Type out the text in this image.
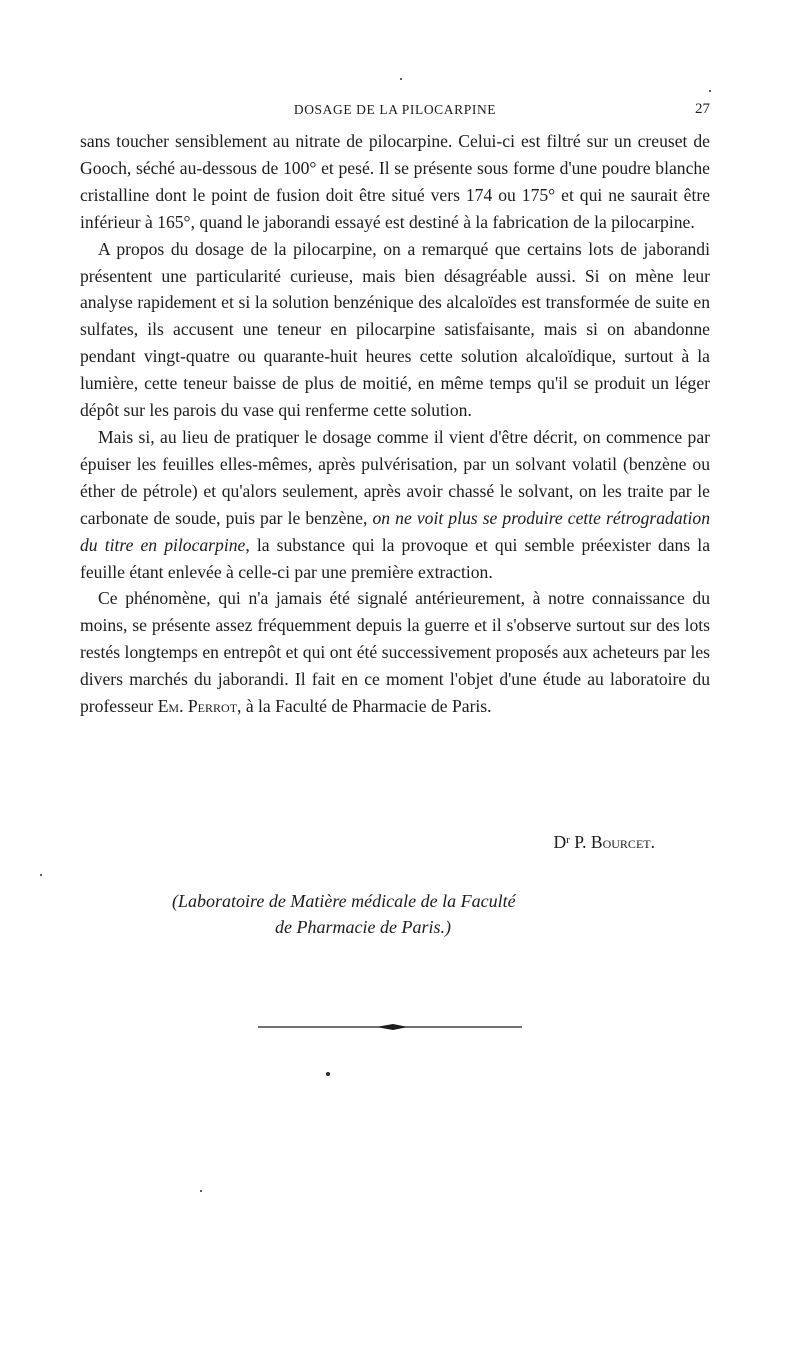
DOSAGE DE LA PILOCARPINE	27

sans toucher sensiblement au nitrate de pilocarpine. Celui-ci est filtré sur un creuset de Gooch, séché au-dessous de 100° et pesé. Il se présente sous forme d'une poudre blanche cristalline dont le point de fusion doit être situé vers 174 ou 175° et qui ne saurait être inférieur à 165°, quand le jaborandi essayé est destiné à la fabrication de la pilocarpine.

A propos du dosage de la pilocarpine, on a remarqué que certains lots de jaborandi présentent une particularité curieuse, mais bien désagréable aussi. Si on mène leur analyse rapidement et si la solution benzénique des alcaloïdes est transformée de suite en sulfates, ils accusent une teneur en pilocarpine satisfaisante, mais si on abandonne pendant vingt-quatre ou quarante-huit heures cette solution alcaloïdique, surtout à la lumière, cette teneur baisse de plus de moitié, en même temps qu'il se produit un léger dépôt sur les parois du vase qui renferme cette solution.

Mais si, au lieu de pratiquer le dosage comme il vient d'être décrit, on commence par épuiser les feuilles elles-mêmes, après pulvérisation, par un solvant volatil (benzène ou éther de pétrole) et qu'alors seulement, après avoir chassé le solvant, on les traite par le carbonate de soude, puis par le benzène, on ne voit plus se produire cette rétrogradation du titre en pilocarpine, la substance qui la provoque et qui semble préexister dans la feuille étant enlevée à celle-ci par une première extraction.

Ce phénomène, qui n'a jamais été signalé antérieurement, à notre connaissance du moins, se présente assez fréquemment depuis la guerre et il s'observe surtout sur des lots restés longtemps en entrepôt et qui ont été successivement proposés aux acheteurs par les divers marchés du jaborandi. Il fait en ce moment l'objet d'une étude au laboratoire du professeur Em. Perrot, à la Faculté de Pharmacie de Paris.

$D^r$ P. Bourcet.
(Laboratoire de Matière médicale de la Faculté
de Pharmacie de Paris.)
